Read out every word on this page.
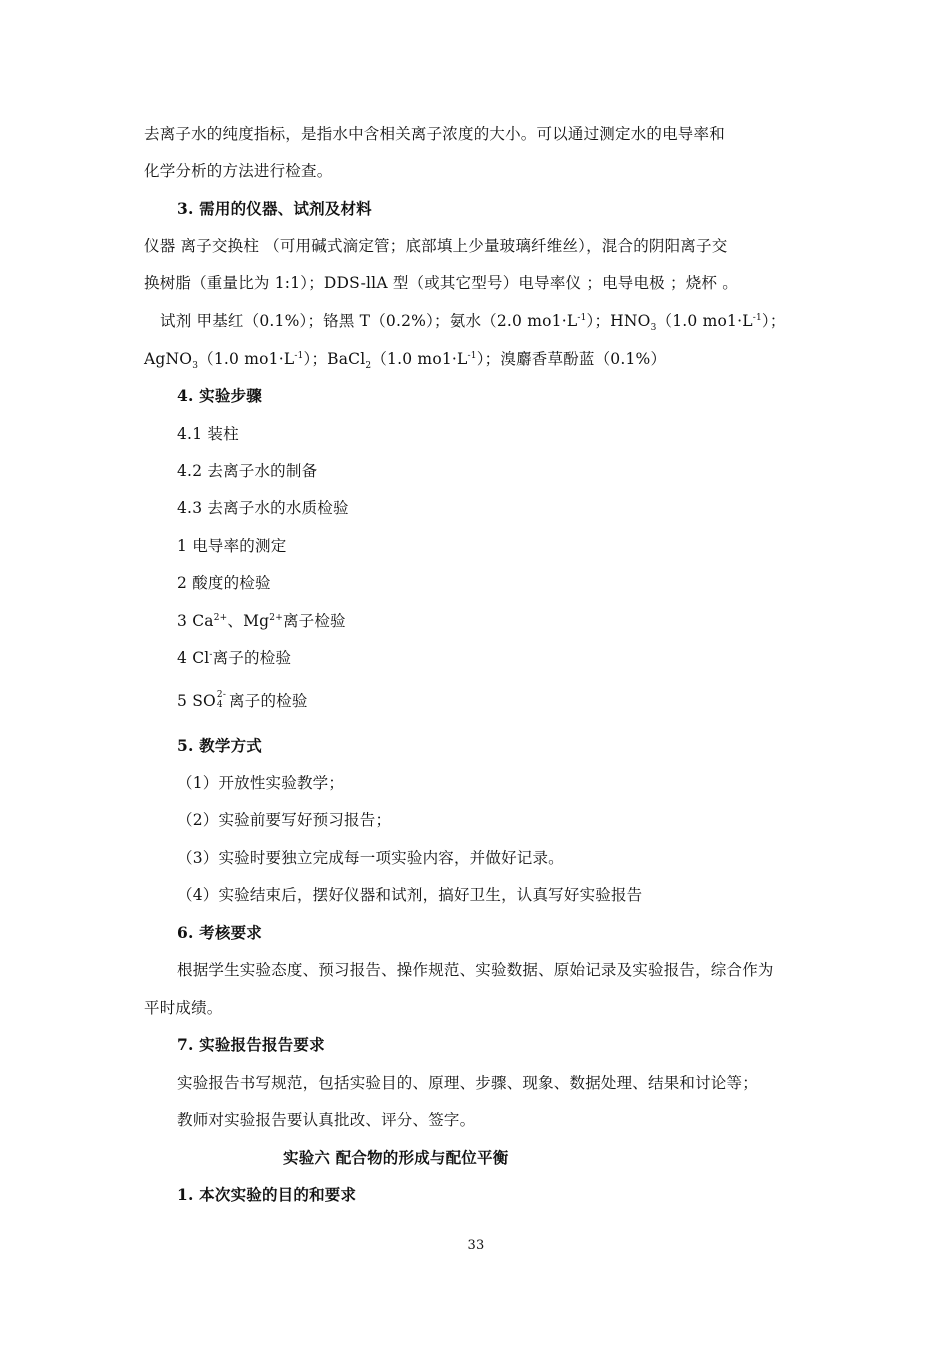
去离子水的纯度指标，是指水中含相关离子浓度的大小。可以通过测定水的电导率和
化学分析的方法进行检查。
3. 需用的仪器、试剂及材料
仪器 离子交换柱 （可用碱式滴定管；底部填上少量玻璃纤维丝），混合的阴阳离子交
换树脂（重量比为 1:1）；DDS-llA 型（或其它型号）电导率仪 ；电导电极 ；烧杯 。
试剂 甲基红（0.1%）；铬黑 T（0.2%）；氨水（2.0 $mo1\cdot L^{-1}$）；$HNO_3(1.0$ $mo1\cdot L^{-1}$）；
AgNO$_3$（1.0 $mo1\cdot L^{-1}$）；BaCl$_2$（1.0 $mo1\cdot L^{-1}$）；溴麝香草酚蓝（0.1%）
4. 实验步骤
4.1 装柱
4.2 去离子水的制备
4.3 去离子水的水质检验
1 电导率的测定
2 酸度的检验
3 $Ca^{2+}$、$Mg^{2+}$离子检验
4 Cl-离子的检验
5 SO 2-
4 离子的检验
5. 教学方式
（1）开放性实验教学；
（2）实验前要写好预习报告；
（3）实验时要独立完成每一项实验内容，并做好记录。
（4）实验结束后，摆好仪器和试剂，搞好卫生，认真写好实验报告
6. 考核要求
根据学生实验态度、预习报告、操作规范、实验数据、原始记录及实验报告，综合作为
平时成绩。
7. 实验报告报告要求
实验报告书写规范，包括实验目的、原理、步骤、现象、数据处理、结果和讨论等；
教师对实验报告要认真批改、评分、签字。
实验六 配合物的形成与配位平衡
1. 本次实验的目的和要求
33
